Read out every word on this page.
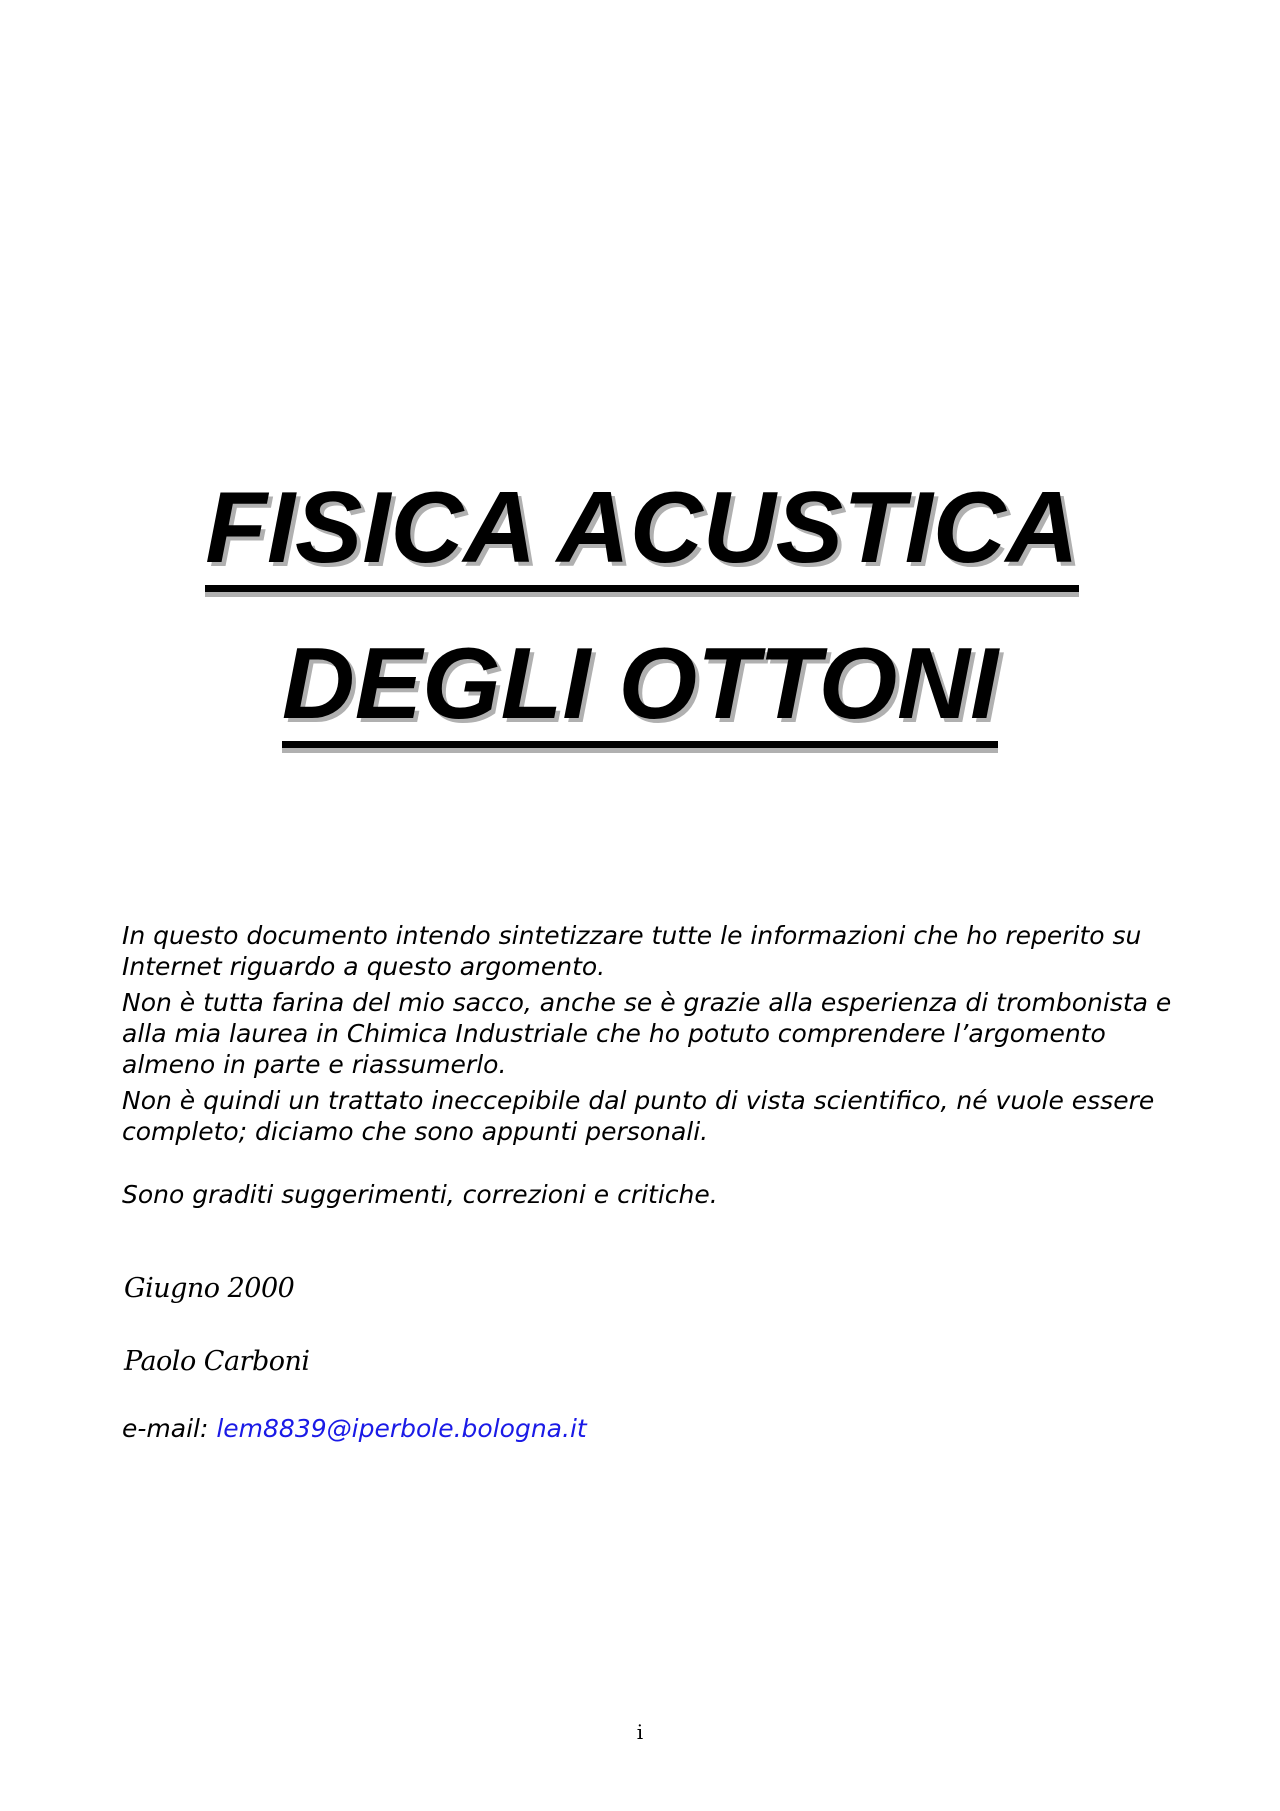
FISICA ACUSTICA
DEGLI OTTONI

In questo documento intendo sintetizzare tutte le informazioni che ho reperito su Internet riguardo a questo argomento.

Non è tutta farina del mio sacco, anche se è grazie alla esperienza di trombonista e alla mia laurea in Chimica Industriale che ho potuto comprendere l’argomento almeno in parte e riassumerlo.

Non è quindi un trattato ineccepibile dal punto di vista scientifico, né vuole essere completo; diciamo che sono appunti personali.

Sono graditi suggerimenti, correzioni e critiche.

Giugno 2000
Paolo Carboni
e-mail: lem8839@iperbole.bologna.it
i
